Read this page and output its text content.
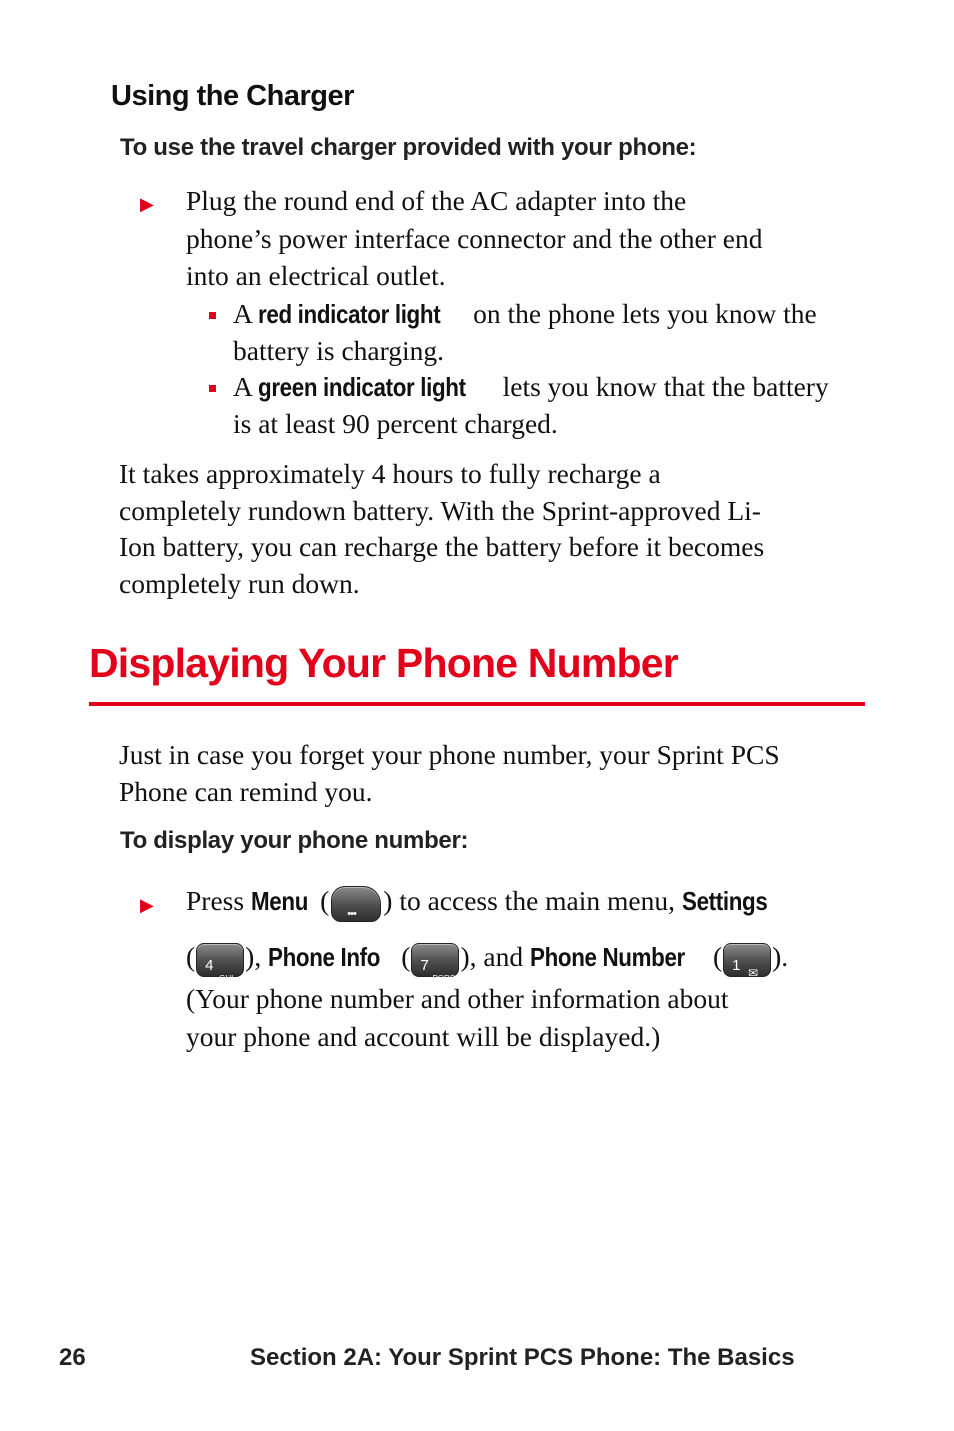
Using the Charger
To use the travel charger provided with your phone:
▶ Plug the round end of the AC adapter into the
phone’s power interface connector and the other end
into an electrical outlet.
A red indicator light on the phone lets you know the
battery is charging.
A green indicator light lets you know that the battery
is at least 90 percent charged.
It takes approximately 4 hours to fully recharge a
completely rundown battery. With the Sprint-approved Li-
Ion battery, you can recharge the battery before it becomes
completely run down.
Displaying Your Phone Number
Just in case you forget your phone number, your Sprint PCS
Phone can remind you.
To display your phone number:
▶ Press Menu ( ••• ) to access the main menu, Settings
( 4
GHI
), Phone Info ( 7
PQRS
), and Phone Number ( 1 ✉
).
(Your phone number and other information about
your phone and account will be displayed.)
26	Section 2A: Your Sprint PCS Phone: The Basics
